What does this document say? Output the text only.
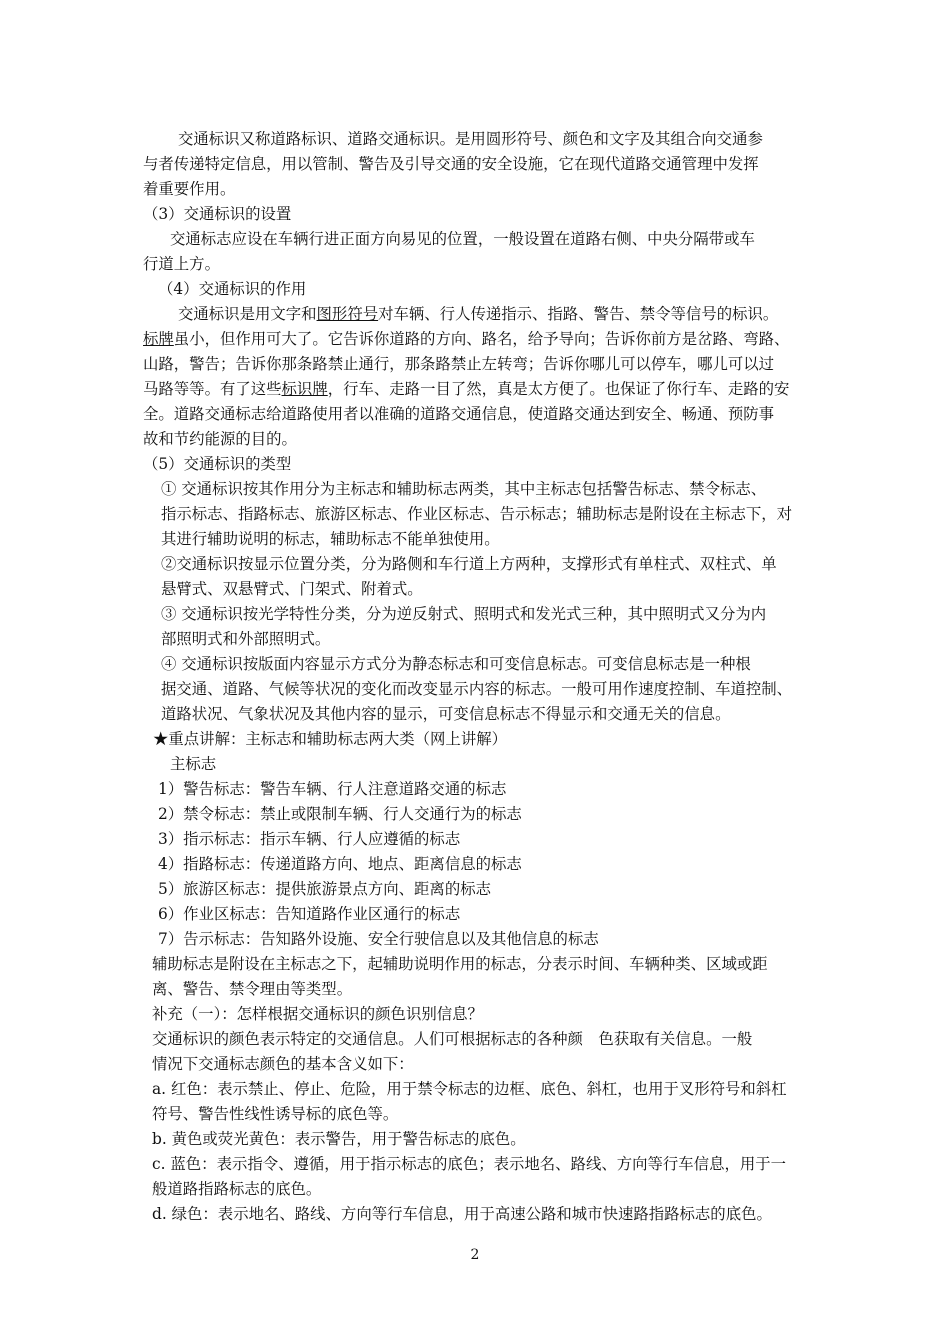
交通标识又称道路标识、道路交通标识。是用圆形符号、颜色和文字及其组合向交通参
与者传递特定信息，用以管制、警告及引导交通的安全设施，它在现代道路交通管理中发挥
着重要作用。
（3）交通标识的设置
交通标志应设在车辆行进正面方向易见的位置，一般设置在道路右侧、中央分隔带或车
行道上方。
（4）交通标识的作用
交通标识是用文字和图形符号对车辆、行人传递指示、指路、警告、禁令等信号的标识。
标牌虽小，但作用可大了。它告诉你道路的方向、路名，给予导向；告诉你前方是岔路、弯路、
山路，警告；告诉你那条路禁止通行，那条路禁止左转弯；告诉你哪儿可以停车，哪儿可以过
马路等等。有了这些标识牌，行车、走路一目了然，真是太方便了。也保证了你行车、走路的安
全。道路交通标志给道路使用者以准确的道路交通信息，使道路交通达到安全、畅通、预防事
故和节约能源的目的。
（5）交通标识的类型
① 交通标识按其作用分为主标志和辅助标志两类，其中主标志包括警告标志、禁令标志、
指示标志、指路标志、旅游区标志、作业区标志、告示标志；辅助标志是附设在主标志下，对
其进行辅助说明的标志，辅助标志不能单独使用。
②交通标识按显示位置分类，分为路侧和车行道上方两种，支撑形式有单柱式、双柱式、单
悬臂式、双悬臂式、门架式、附着式。
③ 交通标识按光学特性分类，分为逆反射式、照明式和发光式三种，其中照明式又分为内
部照明式和外部照明式。
④ 交通标识按版面内容显示方式分为静态标志和可变信息标志。可变信息标志是一种根
据交通、道路、气候等状况的变化而改变显示内容的标志。一般可用作速度控制、车道控制、
道路状况、气象状况及其他内容的显示，可变信息标志不得显示和交通无关的信息。
★重点讲解：主标志和辅助标志两大类（网上讲解）
主标志
1）警告标志：警告车辆、行人注意道路交通的标志
2）禁令标志：禁止或限制车辆、行人交通行为的标志
3）指示标志：指示车辆、行人应遵循的标志
4）指路标志：传递道路方向、地点、距离信息的标志
5）旅游区标志：提供旅游景点方向、距离的标志
6）作业区标志：告知道路作业区通行的标志
7）告示标志：告知路外设施、安全行驶信息以及其他信息的标志
辅助标志是附设在主标志之下，起辅助说明作用的标志，分表示时间、车辆种类、区域或距
离、警告、禁令理由等类型。
补充（一）：怎样根据交通标识的颜色识别信息？
交通标识的颜色表示特定的交通信息。人们可根据标志的各种颜　色获取有关信息。一般
情况下交通标志颜色的基本含义如下：
a. 红色：表示禁止、停止、危险，用于禁令标志的边框、底色、斜杠，也用于叉形符号和斜杠
符号、警告性线性诱导标的底色等。
b. 黄色或荧光黄色：表示警告，用于警告标志的底色。
c. 蓝色：表示指令、遵循，用于指示标志的底色；表示地名、路线、方向等行车信息，用于一
般道路指路标志的底色。
d. 绿色：表示地名、路线、方向等行车信息，用于高速公路和城市快速路指路标志的底色。
2
